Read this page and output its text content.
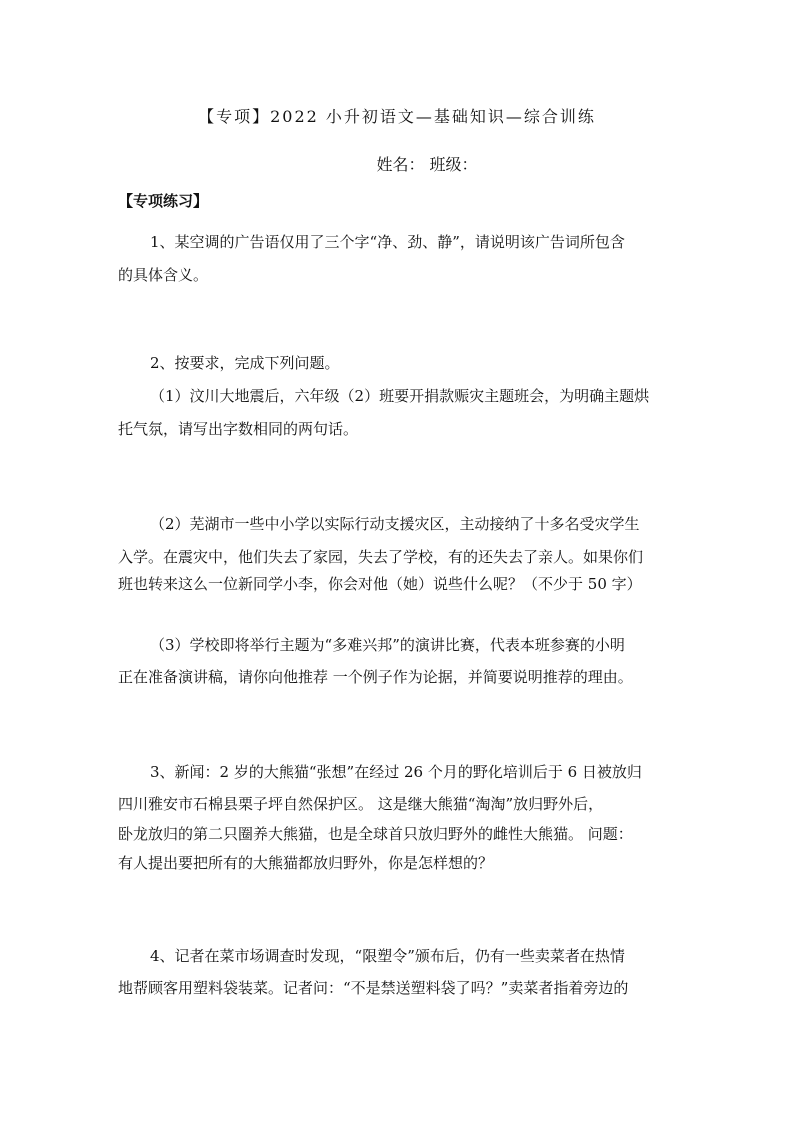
【专项】2022 小升初语文—基础知识—综合训练
姓名： 班级：
【专项练习】
1、某空调的广告语仅用了三个字“净、劲、静”，请说明该广告词所包含
的具体含义。
2、按要求，完成下列问题。
（1）汶川大地震后，六年级（2）班要开捐款赈灾主题班会，为明确主题烘
托气氛，请写出字数相同的两句话。
（2）芜湖市一些中小学以实际行动支援灾区，主动接纳了十多名受灾学生
入学。在震灾中，他们失去了家园，失去了学校，有的还失去了亲人。如果你们
班也转来这么一位新同学小李，你会对他（她）说些什么呢？（不少于 50 字）
（3）学校即将举行主题为“多难兴邦”的演讲比赛，代表本班参赛的小明
正在准备演讲稿，请你向他推荐 一个例子作为论据，并简要说明推荐的理由。
3、新闻：2 岁的大熊猫“张想”在经过 26 个月的野化培训后于 6 日被放归
四川雅安市石棉县栗子坪自然保护区。 这是继大熊猫“淘淘”放归野外后，
卧龙放归的第二只圈养大熊猫，也是全球首只放归野外的雌性大熊猫。 问题：
有人提出要把所有的大熊猫都放归野外，你是怎样想的？
4、记者在菜市场调查时发现，“限塑令”颁布后，仍有一些卖菜者在热情
地帮顾客用塑料袋装菜。记者问：“不是禁送塑料袋了吗？”卖菜者指着旁边的
